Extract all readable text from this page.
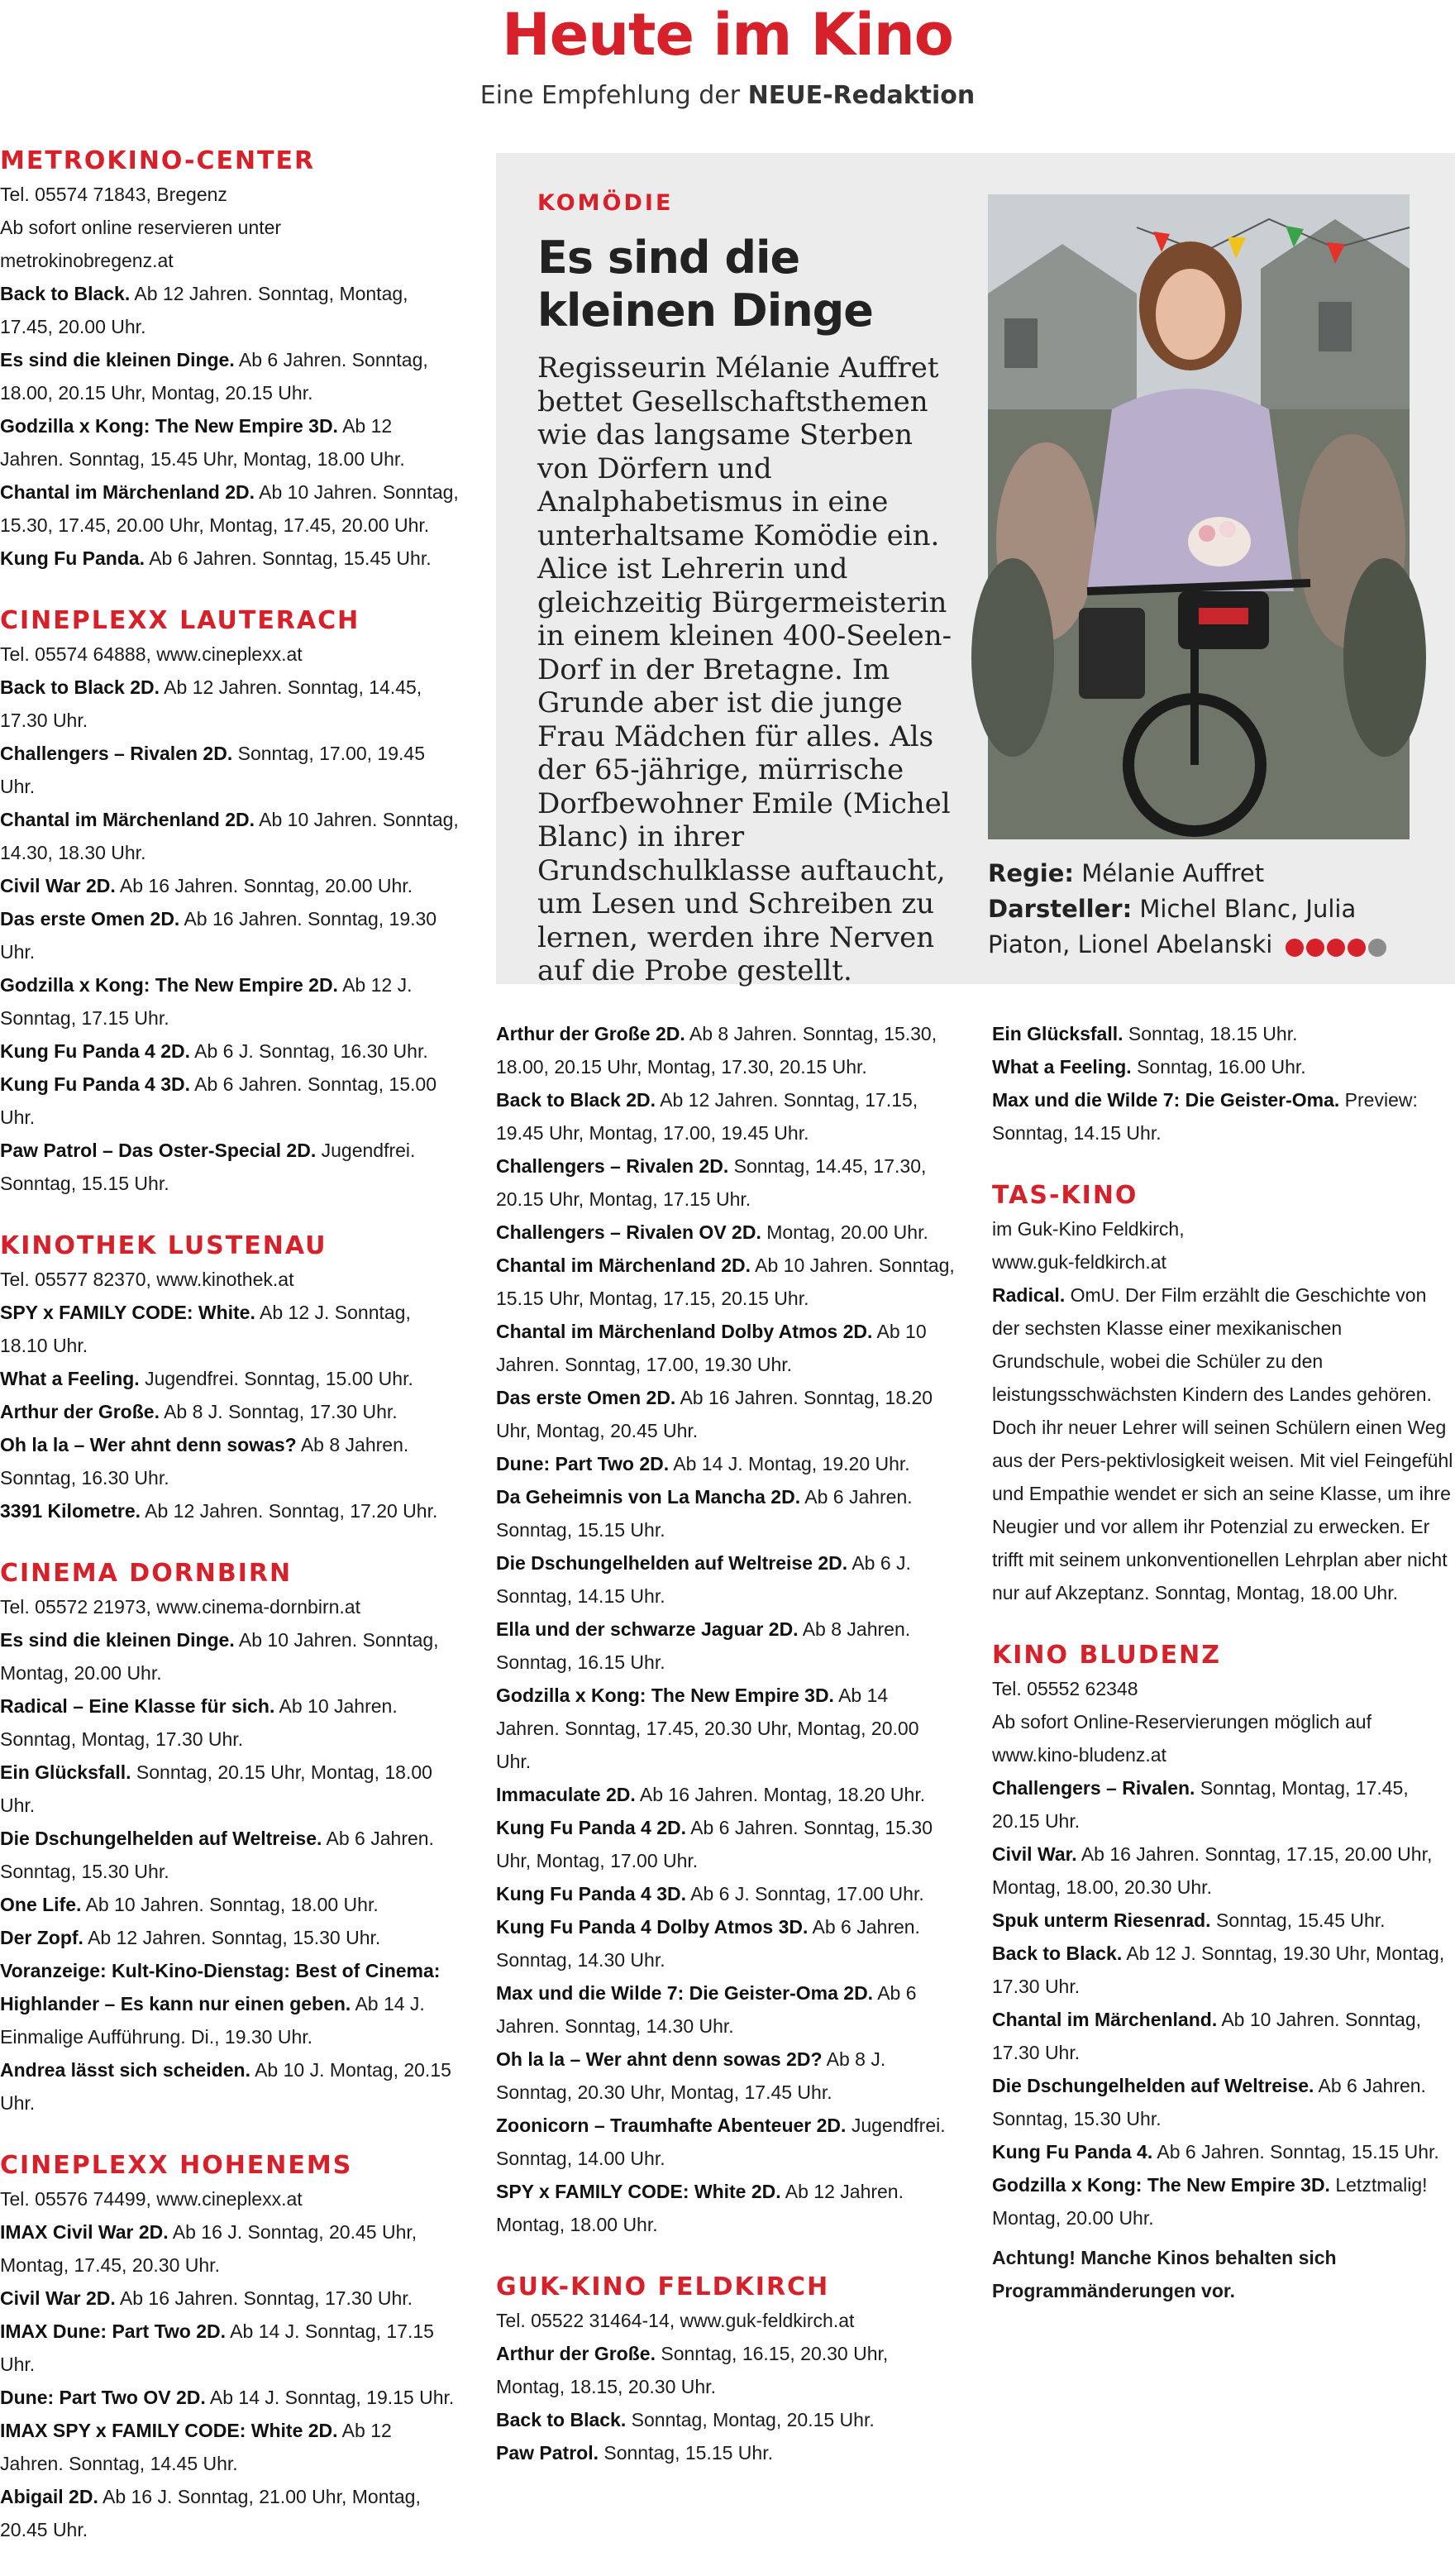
Heute im Kino
Eine Empfehlung der NEUE-Redaktion
KOMÖDIE
Es sind die kleinen Dinge

Regisseurin Mélanie Auffret bettet Gesellschaftsthemen wie das langsame Sterben von Dörfern und Analphabetismus in eine unterhaltsame Komödie ein. Alice ist Lehrerin und gleichzeitig Bürgermeisterin in einem kleinen 400-Seelen-Dorf in der Bretagne. Im Grunde aber ist die junge Frau Mädchen für alles. Als der 65-jährige, mürrische Dorfbewohner Emile (Michel Blanc) in ihrer Grundschulklasse auftaucht, um Lesen und Schreiben zu lernen, werden ihre Nerven auf die Probe gestellt.

Regie: Mélanie Auffret
Darsteller: Michel Blanc, Julia Piaton, Lionel Abelanski
METROKINO-CENTER
Tel. 05574 71843, Bregenz
Ab sofort online reservieren unter metrokinobregenz.at
Back to Black. Ab 12 Jahren. Sonntag, Montag, 17.45, 20.00 Uhr.
Es sind die kleinen Dinge. Ab 6 Jahren. Sonntag, 18.00, 20.15 Uhr, Montag, 20.15 Uhr.
Godzilla x Kong: The New Empire 3D. Ab 12 Jahren. Sonntag, 15.45 Uhr, Montag, 18.00 Uhr.
Chantal im Märchenland 2D. Ab 10 Jahren. Sonntag, 15.30, 17.45, 20.00 Uhr, Montag, 17.45, 20.00 Uhr.
Kung Fu Panda. Ab 6 Jahren. Sonntag, 15.45 Uhr.
CINEPLEXX LAUTERACH
Tel. 05574 64888, www.cineplexx.at
Back to Black 2D. Ab 12 Jahren. Sonntag, 14.45, 17.30 Uhr.
Challengers – Rivalen 2D. Sonntag, 17.00, 19.45 Uhr.
Chantal im Märchenland 2D. Ab 10 Jahren. Sonntag, 14.30, 18.30 Uhr.
Civil War 2D. Ab 16 Jahren. Sonntag, 20.00 Uhr.
Das erste Omen 2D. Ab 16 Jahren. Sonntag, 19.30 Uhr.
Godzilla x Kong: The New Empire 2D. Ab 12 J. Sonntag, 17.15 Uhr.
Kung Fu Panda 4 2D. Ab 6 J. Sonntag, 16.30 Uhr.
Kung Fu Panda 4 3D. Ab 6 Jahren. Sonntag, 15.00 Uhr.
Paw Patrol – Das Oster-Special 2D. Jugendfrei. Sonntag, 15.15 Uhr.
KINOTHEK LUSTENAU
Tel. 05577 82370, www.kinothek.at
SPY x FAMILY CODE: White. Ab 12 J. Sonntag, 18.10 Uhr.
What a Feeling. Jugendfrei. Sonntag, 15.00 Uhr.
Arthur der Große. Ab 8 J. Sonntag, 17.30 Uhr.
Oh la la – Wer ahnt denn sowas? Ab 8 Jahren. Sonntag, 16.30 Uhr.
3391 Kilometre. Ab 12 Jahren. Sonntag, 17.20 Uhr.
CINEMA DORNBIRN
Tel. 05572 21973, www.cinema-dornbirn.at
Es sind die kleinen Dinge. Ab 10 Jahren. Sonntag, Montag, 20.00 Uhr.
Radical – Eine Klasse für sich. Ab 10 Jahren. Sonntag, Montag, 17.30 Uhr.
Ein Glücksfall. Sonntag, 20.15 Uhr, Montag, 18.00 Uhr.
Die Dschungelhelden auf Weltreise. Ab 6 Jahren. Sonntag, 15.30 Uhr.
One Life. Ab 10 Jahren. Sonntag, 18.00 Uhr.
Der Zopf. Ab 12 Jahren. Sonntag, 15.30 Uhr.
Voranzeige: Kult-Kino-Dienstag: Best of Cinema: Highlander – Es kann nur einen geben. Ab 14 J. Einmalige Aufführung. Di., 19.30 Uhr.
Andrea lässt sich scheiden. Ab 10 J. Montag, 20.15 Uhr.
CINEPLEXX HOHENEMS
Tel. 05576 74499, www.cineplexx.at
IMAX Civil War 2D. Ab 16 J. Sonntag, 20.45 Uhr, Montag, 17.45, 20.30 Uhr.
Civil War 2D. Ab 16 Jahren. Sonntag, 17.30 Uhr.
IMAX Dune: Part Two 2D. Ab 14 J. Sonntag, 17.15 Uhr.
Dune: Part Two OV 2D. Ab 14 J. Sonntag, 19.15 Uhr.
IMAX SPY x FAMILY CODE: White 2D. Ab 12 Jahren. Sonntag, 14.45 Uhr.
Abigail 2D. Ab 16 J. Sonntag, 21.00 Uhr, Montag, 20.45 Uhr.
Arthur der Große 2D. Ab 8 Jahren. Sonntag, 15.30, 18.00, 20.15 Uhr, Montag, 17.30, 20.15 Uhr.
Back to Black 2D. Ab 12 Jahren. Sonntag, 17.15, 19.45 Uhr, Montag, 17.00, 19.45 Uhr.
Challengers – Rivalen 2D. Sonntag, 14.45, 17.30, 20.15 Uhr, Montag, 17.15 Uhr.
Challengers – Rivalen OV 2D. Montag, 20.00 Uhr.
Chantal im Märchenland 2D. Ab 10 Jahren. Sonntag, 15.15 Uhr, Montag, 17.15, 20.15 Uhr.
Chantal im Märchenland Dolby Atmos 2D. Ab 10 Jahren. Sonntag, 17.00, 19.30 Uhr.
Das erste Omen 2D. Ab 16 Jahren. Sonntag, 18.20 Uhr, Montag, 20.45 Uhr.
Dune: Part Two 2D. Ab 14 J. Montag, 19.20 Uhr.
Da Geheimnis von La Mancha 2D. Ab 6 Jahren. Sonntag, 15.15 Uhr.
Die Dschungelhelden auf Weltreise 2D. Ab 6 J. Sonntag, 14.15 Uhr.
Ella und der schwarze Jaguar 2D. Ab 8 Jahren. Sonntag, 16.15 Uhr.
Godzilla x Kong: The New Empire 3D. Ab 14 Jahren. Sonntag, 17.45, 20.30 Uhr, Montag, 20.00 Uhr.
Immaculate 2D. Ab 16 Jahren. Montag, 18.20 Uhr.
Kung Fu Panda 4 2D. Ab 6 Jahren. Sonntag, 15.30 Uhr, Montag, 17.00 Uhr.
Kung Fu Panda 4 3D. Ab 6 J. Sonntag, 17.00 Uhr.
Kung Fu Panda 4 Dolby Atmos 3D. Ab 6 Jahren. Sonntag, 14.30 Uhr.
Max und die Wilde 7: Die Geister-Oma 2D. Ab 6 Jahren. Sonntag, 14.30 Uhr.
Oh la la – Wer ahnt denn sowas 2D? Ab 8 J. Sonntag, 20.30 Uhr, Montag, 17.45 Uhr.
Zoonicorn – Traumhafte Abenteuer 2D. Jugendfrei. Sonntag, 14.00 Uhr.
SPY x FAMILY CODE: White 2D. Ab 12 Jahren. Montag, 18.00 Uhr.
GUK-KINO FELDKIRCH
Tel. 05522 31464-14, www.guk-feldkirch.at
Arthur der Große. Sonntag, 16.15, 20.30 Uhr, Montag, 18.15, 20.30 Uhr.
Back to Black. Sonntag, Montag, 20.15 Uhr.
Paw Patrol. Sonntag, 15.15 Uhr.
Ein Glücksfall. Sonntag, 18.15 Uhr.
What a Feeling. Sonntag, 16.00 Uhr.
Max und die Wilde 7: Die Geister-Oma. Preview: Sonntag, 14.15 Uhr.
TAS-KINO
im Guk-Kino Feldkirch,
www.guk-feldkirch.at
Radical. OmU. Der Film erzählt die Geschichte von der sechsten Klasse einer mexikanischen Grundschule, wobei die Schüler zu den leistungsschwächsten Kindern des Landes gehören. Doch ihr neuer Lehrer will seinen Schülern einen Weg aus der Pers-pektivlosigkeit weisen. Mit viel Feingefühl und Empathie wendet er sich an seine Klasse, um ihre Neugier und vor allem ihr Potenzial zu erwecken. Er trifft mit seinem unkonventionellen Lehrplan aber nicht nur auf Akzeptanz. Sonntag, Montag, 18.00 Uhr.
KINO BLUDENZ
Tel. 05552 62348
Ab sofort Online-Reservierungen möglich auf www.kino-bludenz.at
Challengers – Rivalen. Sonntag, Montag, 17.45, 20.15 Uhr.
Civil War. Ab 16 Jahren. Sonntag, 17.15, 20.00 Uhr, Montag, 18.00, 20.30 Uhr.
Spuk unterm Riesenrad. Sonntag, 15.45 Uhr.
Back to Black. Ab 12 J. Sonntag, 19.30 Uhr, Montag, 17.30 Uhr.
Chantal im Märchenland. Ab 10 Jahren. Sonntag, 17.30 Uhr.
Die Dschungelhelden auf Weltreise. Ab 6 Jahren. Sonntag, 15.30 Uhr.
Kung Fu Panda 4. Ab 6 Jahren. Sonntag, 15.15 Uhr.
Godzilla x Kong: The New Empire 3D. Letztmalig! Montag, 20.00 Uhr.
Achtung! Manche Kinos behalten sich Programmänderungen vor.
